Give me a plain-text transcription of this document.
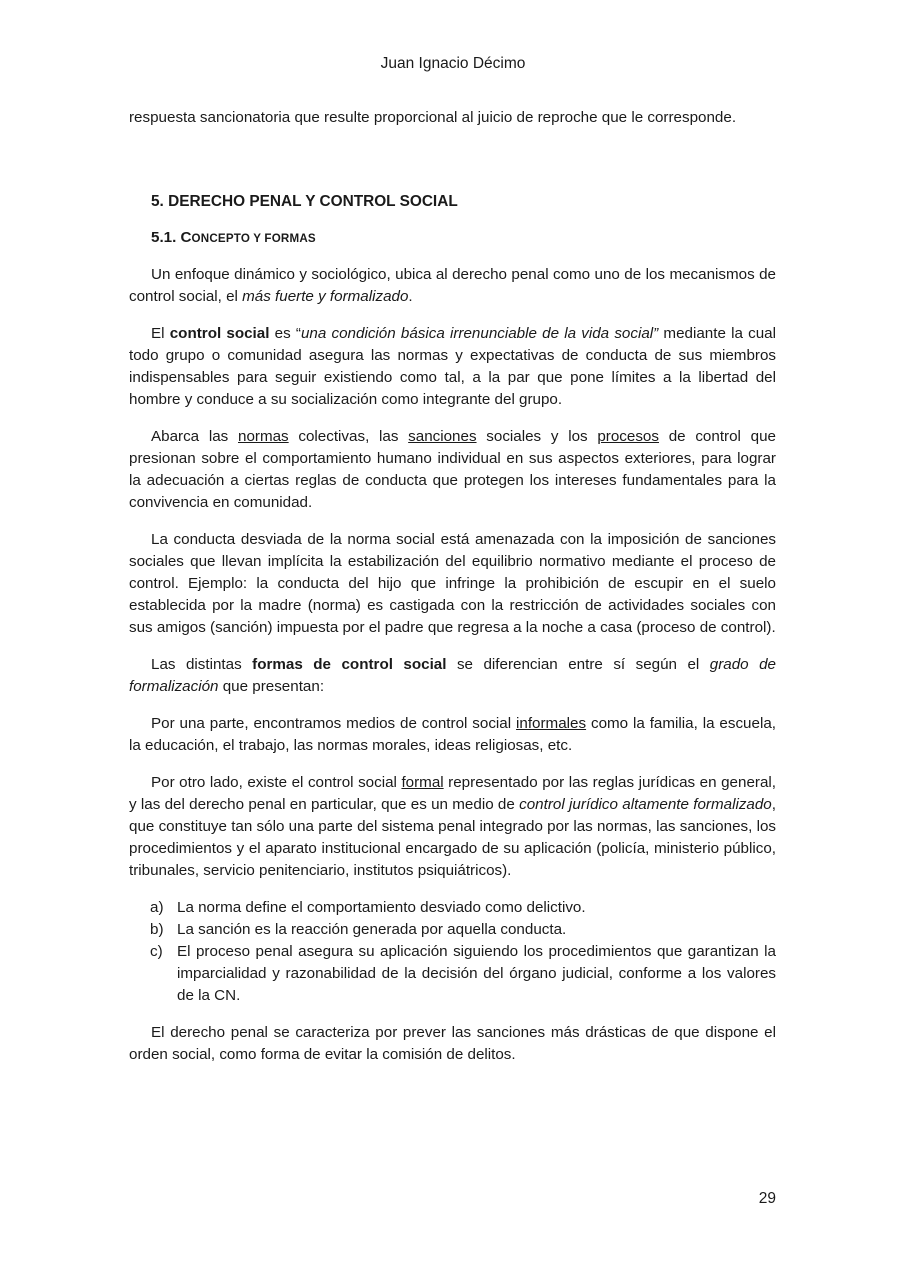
Juan Ignacio Décimo

respuesta sancionatoria que resulte proporcional al juicio de reproche que le corresponde.

5. DERECHO PENAL Y CONTROL SOCIAL
5.1. CONCEPTO Y FORMAS

Un enfoque dinámico y sociológico, ubica al derecho penal como uno de los mecanismos de control social, el más fuerte y formalizado.

El control social es “una condición básica irrenunciable de la vida social” mediante la cual todo grupo o comunidad asegura las normas y expectativas de conducta de sus miembros indispensables para seguir existiendo como tal, a la par que pone límites a la libertad del hombre y conduce a su socialización como integrante del grupo.

Abarca las normas colectivas, las sanciones sociales y los procesos de control que presionan sobre el comportamiento humano individual en sus aspectos exteriores, para lograr la adecuación a ciertas reglas de conducta que protegen los intereses fundamentales para la convivencia en comunidad.

La conducta desviada de la norma social está amenazada con la imposición de sanciones sociales que llevan implícita la estabilización del equilibrio normativo mediante el proceso de control. Ejemplo: la conducta del hijo que infringe la prohibición de escupir en el suelo establecida por la madre (norma) es castigada con la restricción de actividades sociales con sus amigos (sanción) impuesta por el padre que regresa a la noche a casa (proceso de control).

Las distintas formas de control social se diferencian entre sí según el grado de formalización que presentan:

Por una parte, encontramos medios de control social informales como la familia, la escuela, la educación, el trabajo, las normas morales, ideas religiosas, etc.

Por otro lado, existe el control social formal representado por las reglas jurídicas en general, y las del derecho penal en particular, que es un medio de control jurídico altamente formalizado, que constituye tan sólo una parte del sistema penal integrado por las normas, las sanciones, los procedimientos y el aparato institucional encargado de su aplicación (policía, ministerio público, tribunales, servicio penitenciario, institutos psiquiátricos).

a) La norma define el comportamiento desviado como delictivo.
b) La sanción es la reacción generada por aquella conducta.
c) El proceso penal asegura su aplicación siguiendo los procedimientos que garantizan la imparcialidad y razonabilidad de la decisión del órgano judicial, conforme a los valores de la CN.

El derecho penal se caracteriza por prever las sanciones más drásticas de que dispone el orden social, como forma de evitar la comisión de delitos.

29
